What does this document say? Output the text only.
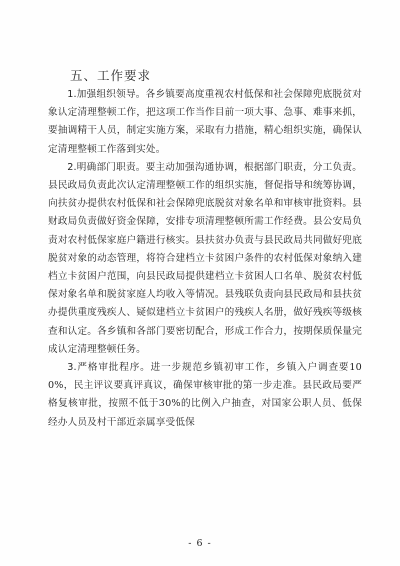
五、工作要求

1.加强组织领导。各乡镇要高度重视农村低保和社会保障兜底脱贫对象认定清理整顿工作，把这项工作当作目前一项大事、急事、难事来抓，要抽调精干人员，制定实施方案，采取有力措施，精心组织实施，确保认定清理整顿工作落到实处。

2.明确部门职责。要主动加强沟通协调，根据部门职责，分工负责。县民政局负责此次认定清理整顿工作的组织实施，督促指导和统筹协调，向扶贫办提供农村低保和社会保障兜底脱贫对象名单和审核审批资料。县财政局负责做好资金保障，安排专项清理整顿所需工作经费。县公安局负责对农村低保家庭户籍进行核实。县扶贫办负责与县民政局共同做好兜底脱贫对象的动态管理，将符合建档立卡贫困户条件的农村低保对象纳入建档立卡贫困户范围，向县民政局提供建档立卡贫困人口名单、脱贫农村低保对象名单和脱贫家庭人均收入等情况。县残联负责向县民政局和县扶贫办提供重度残疾人、疑似建档立卡贫困户的残疾人名册，做好残疾等级核查和认定。各乡镇和各部门要密切配合，形成工作合力，按期保质保量完成认定清理整顿任务。

3.严格审批程序。进一步规范乡镇初审工作，乡镇入户调查要100%，民主评议要真评真议，确保审核审批的第一步走准。县民政局要严格复核审批，按照不低于30%的比例入户抽查，对国家公职人员、低保经办人员及村干部近亲属享受低保

- 6 -
